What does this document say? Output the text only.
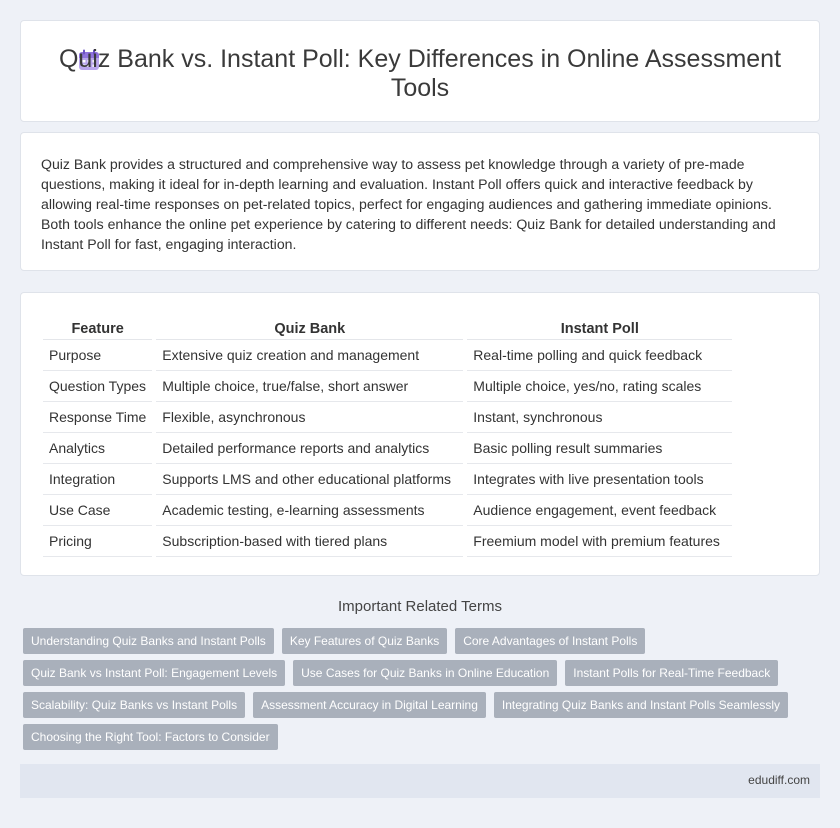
Quiz Bank vs. Instant Poll: Key Differences in Online Assessment Tools

Quiz Bank provides a structured and comprehensive way to assess pet knowledge through a variety of pre-made questions, making it ideal for in-depth learning and evaluation. Instant Poll offers quick and interactive feedback by allowing real-time responses on pet-related topics, perfect for engaging audiences and gathering immediate opinions. Both tools enhance the online pet experience by catering to different needs: Quiz Bank for detailed understanding and Instant Poll for fast, engaging interaction.

Feature		Quiz Bank		Instant Poll
Purpose		Extensive quiz creation and management		Real-time polling and quick feedback
Question Types		Multiple choice, true/false, short answer		Multiple choice, yes/no, rating scales
Response Time		Flexible, asynchronous		Instant, synchronous
Analytics		Detailed performance reports and analytics		Basic polling result summaries
Integration		Supports LMS and other educational platforms		Integrates with live presentation tools
Use Case		Academic testing, e-learning assessments		Audience engagement, event feedback
Pricing		Subscription-based with tiered plans		Freemium model with premium features
Important Related Terms
Understanding Quiz Banks and Instant Polls	Key Features of Quiz Banks	Core Advantages of Instant Polls
Quiz Bank vs Instant Poll: Engagement Levels	Use Cases for Quiz Banks in Online Education	Instant Polls for Real-Time Feedback
Scalability: Quiz Banks vs Instant Polls	Assessment Accuracy in Digital Learning	Integrating Quiz Banks and Instant Polls Seamlessly
Choosing the Right Tool: Factors to Consider
edudiff.com
